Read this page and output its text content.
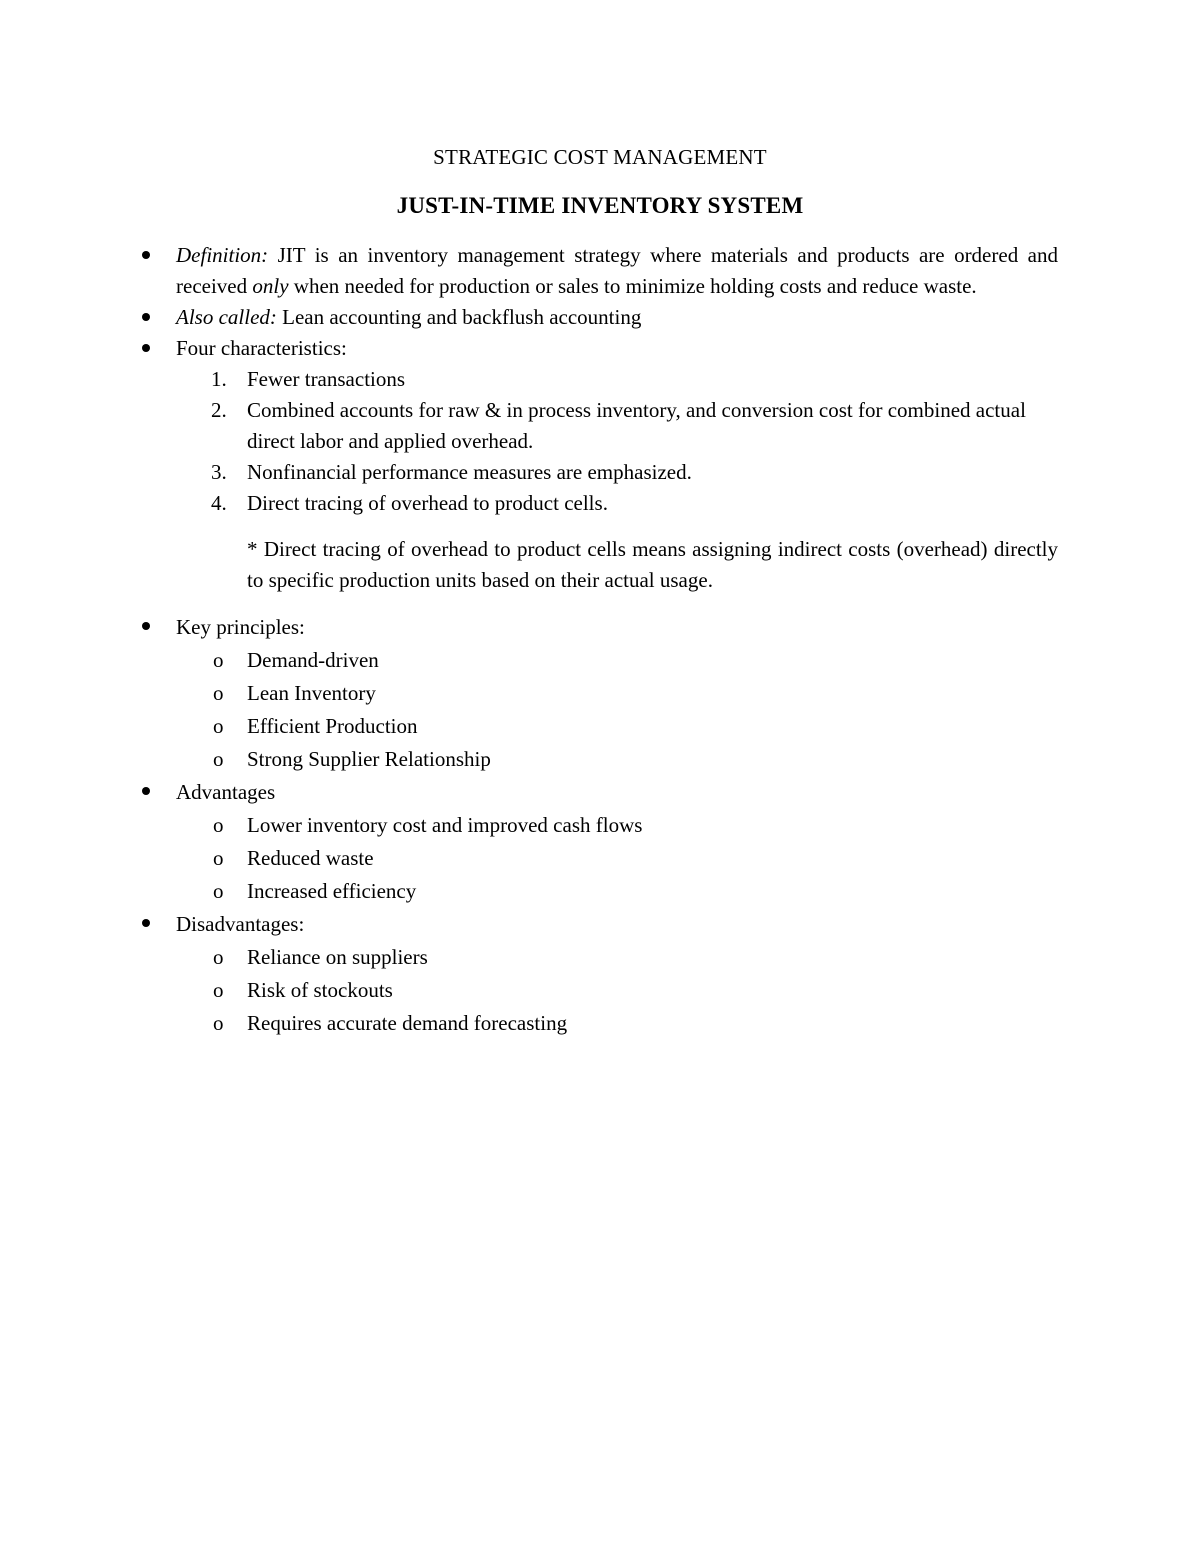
STRATEGIC COST MANAGEMENT
JUST-IN-TIME INVENTORY SYSTEM
Definition: JIT is an inventory management strategy where materials and products are ordered and received only when needed for production or sales to minimize holding costs and reduce waste.
Also called: Lean accounting and backflush accounting
Four characteristics:
1. Fewer transactions
2. Combined accounts for raw & in process inventory, and conversion cost for combined actual direct labor and applied overhead.
3. Nonfinancial performance measures are emphasized.
4. Direct tracing of overhead to product cells.
* Direct tracing of overhead to product cells means assigning indirect costs (overhead) directly to specific production units based on their actual usage.
Key principles:
o Demand-driven
o Lean Inventory
o Efficient Production
o Strong Supplier Relationship
Advantages
o Lower inventory cost and improved cash flows
o Reduced waste
o Increased efficiency
Disadvantages:
o Reliance on suppliers
o Risk of stockouts
o Requires accurate demand forecasting
